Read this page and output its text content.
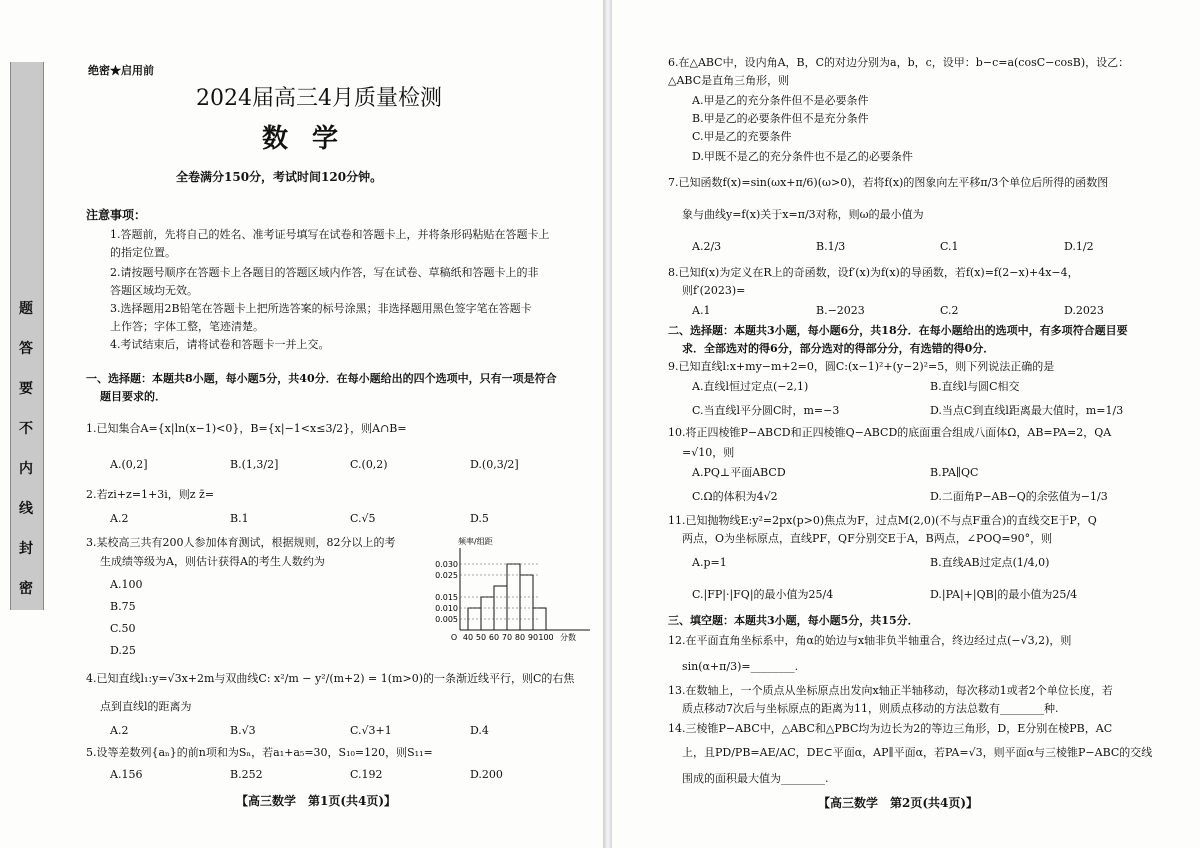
题
答
要
不
内
线
封
密
绝密★启用前
2024届高三4月质量检测
数学
全卷满分150分，考试时间120分钟。
注意事项：
1.答题前，先将自己的姓名、准考证号填写在试卷和答题卡上，并将条形码粘贴在答题卡上
的指定位置。
2.请按题号顺序在答题卡上各题目的答题区域内作答，写在试卷、草稿纸和答题卡上的非
答题区域均无效。
3.选择题用2B铅笔在答题卡上把所选答案的标号涂黑；非选择题用黑色签字笔在答题卡
上作答；字体工整，笔迹清楚。
4.考试结束后，请将试卷和答题卡一并上交。
一、选择题：本题共8小题，每小题5分，共40分．在每小题给出的四个选项中，只有一项是符合
题目要求的．
1.已知集合A={x|ln(x−1)<0}，B={x|−1<x≤3/2}，则A∩B=
A.(0,2]	B.(1,3/2]	C.(0,2)	D.(0,3/2]
2.若zi+z=1+3i，则z z̄=
A.2	B.1	C.√5	D.5
3.某校高三共有200人参加体育测试，根据规则，82分以上的考
生成绩等级为A，则估计获得A的考生人数约为
A.100
B.75
C.50
D.25
频率/组距
分数
0.030
0.025
0.015
0.010
0.005
O 40 50 60 70 80 90 100
4.已知直线l₁:y=√3x+2m与双曲线C: x²/m − y²/(m+2) = 1(m>0)的一条渐近线平行，则C的右焦
点到直线l的距离为
A.2	B.√3	C.√3+1	D.4
5.设等差数列{aₙ}的前n项和为Sₙ，若a₁+a₅=30，S₁₀=120，则S₁₁=
A.156	B.252	C.192	D.200
【高三数学　第1页(共4页)】
6.在△ABC中，设内角A，B，C的对边分别为a，b，c，设甲：b−c=a(cosC−cosB)，设乙：
△ABC是直角三角形，则
A.甲是乙的充分条件但不是必要条件
B.甲是乙的必要条件但不是充分条件
C.甲是乙的充要条件
D.甲既不是乙的充分条件也不是乙的必要条件
7.已知函数f(x)=sin(ωx+π/6)(ω>0)，若将f(x)的图象向左平移π/3个单位后所得的函数图
象与曲线y=f(x)关于x=π/3对称，则ω的最小值为
A.2/3	B.1/3	C.1	D.1/2
8.已知f(x)为定义在R上的奇函数，设f′(x)为f(x)的导函数，若f(x)=f(2−x)+4x−4，
则f′(2023)=
A.1	B.−2023	C.2	D.2023
二、选择题：本题共3小题，每小题6分，共18分．在每小题给出的选项中，有多项符合题目要
求．全部选对的得6分，部分选对的得部分分，有选错的得0分．
9.已知直线l:x+my−m+2=0，圆C:(x−1)²+(y−2)²=5，则下列说法正确的是
A.直线l恒过定点(−2,1)	B.直线l与圆C相交
C.当直线l平分圆C时，m=−3	D.当点C到直线l距离最大值时，m=1/3
10.将正四棱锥P−ABCD和正四棱锥Q−ABCD的底面重合组成八面体Ω，AB=PA=2，QA
=√10，则
A.PQ⊥平面ABCD	B.PA∥QC
C.Ω的体积为4√2	D.二面角P−AB−Q的余弦值为−1/3
11.已知抛物线E:y²=2px(p>0)焦点为F，过点M(2,0)(不与点F重合)的直线交E于P，Q
两点，O为坐标原点，直线PF，QF分别交E于A，B两点，∠POQ=90°，则
A.p=1	B.直线AB过定点(1/4,0)
C.|FP|·|FQ|的最小值为25/4	D.|PA|+|QB|的最小值为25/4
三、填空题：本题共3小题，每小题5分，共15分．
12.在平面直角坐标系中，角α的始边与x轴非负半轴重合，终边经过点(−√3,2)，则
sin(α+π/3)=________.
13.在数轴上，一个质点从坐标原点出发向x轴正半轴移动，每次移动1或者2个单位长度，若
质点移动7次后与坐标原点的距离为11，则质点移动的方法总数有________种.
14.三棱锥P−ABC中，△ABC和△PBC均为边长为2的等边三角形，D，E分别在棱PB，AC
上，且PD/PB=AE/AC，DE⊂平面α，AP∥平面α，若PA=√3，则平面α与三棱锥P−ABC的交线
围成的面积最大值为________.
【高三数学　第2页(共4页)】
